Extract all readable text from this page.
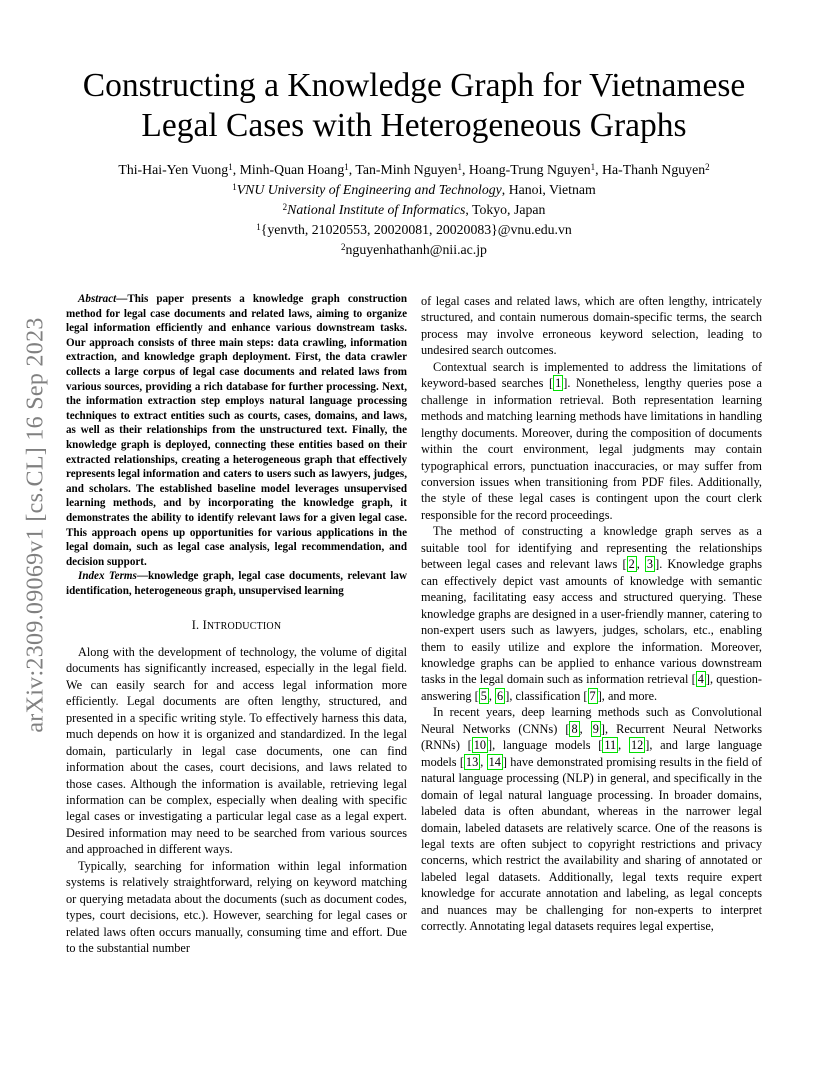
arXiv:2309.09069v1 [cs.CL] 16 Sep 2023
Constructing a Knowledge Graph for Vietnamese
Legal Cases with Heterogeneous Graphs
Thi-Hai-Yen Vuong$^1$, Minh-Quan Hoang$^1$, Tan-Minh Nguyen$^1$, Hoang-Trung Nguyen$^1$, Ha-Thanh Nguyen$^2$
$^1$VNU University of Engineering and Technology, Hanoi, Vietnam
$^2$National Institute of Informatics, Tokyo, Japan
$^1${yenvth, 21020553, 20020081, 20020083}@vnu.edu.vn
$^2$nguyenhathanh@nii.ac.jp

Abstract—This paper presents a knowledge graph construction method for legal case documents and related laws, aiming to organize legal information efficiently and enhance various downstream tasks. Our approach consists of three main steps: data crawling, information extraction, and knowledge graph deployment. First, the data crawler collects a large corpus of legal case documents and related laws from various sources, providing a rich database for further processing. Next, the information extraction step employs natural language processing techniques to extract entities such as courts, cases, domains, and laws, as well as their relationships from the unstructured text. Finally, the knowledge graph is deployed, connecting these entities based on their extracted relationships, creating a heterogeneous graph that effectively represents legal information and caters to users such as lawyers, judges, and scholars. The established baseline model leverages unsupervised learning methods, and by incorporating the knowledge graph, it demonstrates the ability to identify relevant laws for a given legal case. This approach opens up opportunities for various applications in the legal domain, such as legal case analysis, legal recommendation, and decision support.

Index Terms—knowledge graph, legal case documents, relevant law identification, heterogeneous graph, unsupervised learning

I. INTRODUCTION

Along with the development of technology, the volume of digital documents has significantly increased, especially in the legal field. We can easily search for and access legal information more efficiently. Legal documents are often lengthy, structured, and presented in a specific writing style. To effectively harness this data, much depends on how it is organized and standardized. In the legal domain, particularly in legal case documents, one can find information about the cases, court decisions, and laws related to those cases. Although the information is available, retrieving legal information can be complex, especially when dealing with specific legal cases or investigating a particular legal case as a legal expert. Desired information may need to be searched from various sources and approached in different ways.

Typically, searching for information within legal information systems is relatively straightforward, relying on keyword matching or querying metadata about the documents (such as document codes, types, court decisions, etc.). However, searching for legal cases or related laws often occurs manually, consuming time and effort. Due to the substantial number

of legal cases and related laws, which are often lengthy, intricately structured, and contain numerous domain-specific terms, the search process may involve erroneous keyword selection, leading to undesired search outcomes.

Contextual search is implemented to address the limitations of keyword-based searches [ 1 ]. Nonetheless, lengthy queries pose a challenge in information retrieval. Both representation learning methods and matching learning methods have limitations in handling lengthy documents. Moreover, during the composition of documents within the court environment, legal judgments may contain typographical errors, punctuation inaccuracies, or may suffer from conversion issues when transitioning from PDF files. Additionally, the style of these legal cases is contingent upon the court clerk responsible for the record proceedings.

The method of constructing a knowledge graph serves as a suitable tool for identifying and representing the relationships between legal cases and relevant laws [ 2 , 3 ]. Knowledge graphs can effectively depict vast amounts of knowledge with semantic meaning, facilitating easy access and structured querying. These knowledge graphs are designed in a user-friendly manner, catering to non-expert users such as lawyers, judges, scholars, etc., enabling them to easily utilize and explore the information. Moreover, knowledge graphs can be applied to enhance various downstream tasks in the legal domain such as information retrieval [ 4 ], question-answering [ 5 , 6 ], classification [ 7 ], and more.

In recent years, deep learning methods such as Convolutional Neural Networks (CNNs) [ 8 , 9 ], Recurrent Neural Networks (RNNs) [ 10 ], language models [ 11 , 12 ], and large language models [ 13 , 14 ] have demonstrated promising results in the field of natural language processing (NLP) in general, and specifically in the domain of legal natural language processing. In broader domains, labeled data is often abundant, whereas in the narrower legal domain, labeled datasets are relatively scarce. One of the reasons is legal texts are often subject to copyright restrictions and privacy concerns, which restrict the availability and sharing of annotated or labeled legal datasets. Additionally, legal texts require expert knowledge for accurate annotation and labeling, as legal concepts and nuances may be challenging for non-experts to interpret correctly. Annotating legal datasets requires legal expertise,
